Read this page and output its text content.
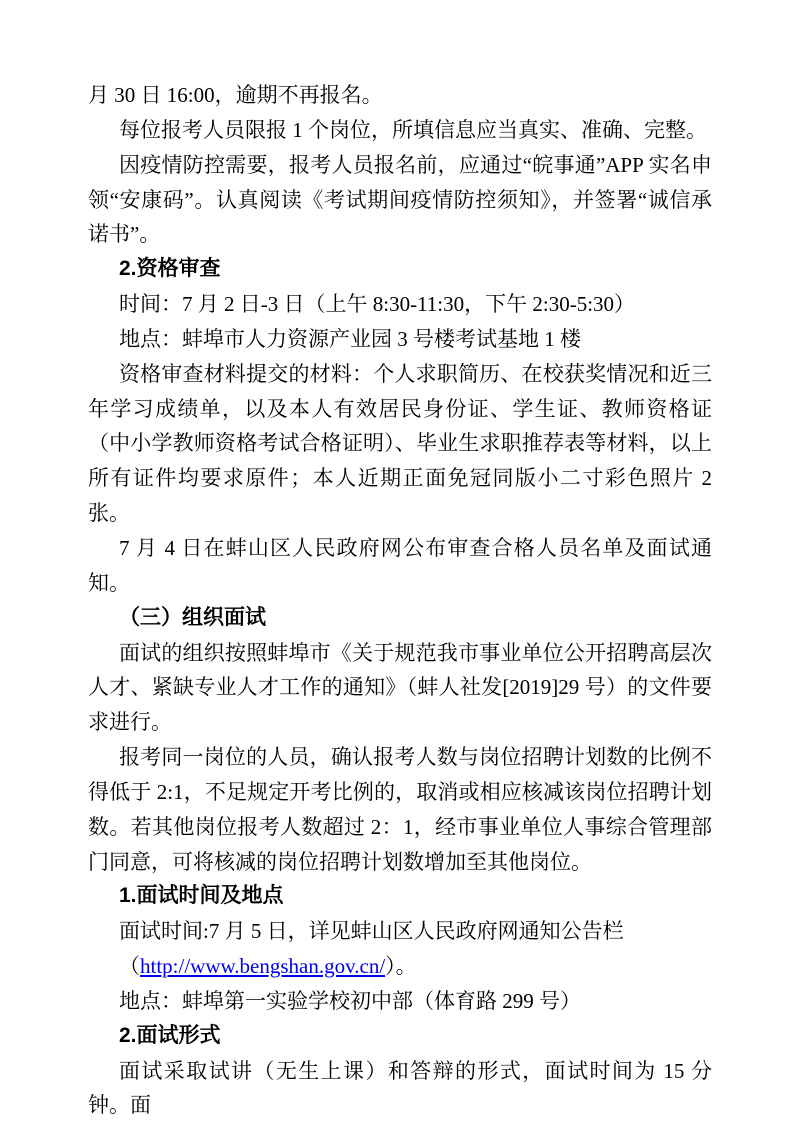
月 30 日 16:00，逾期不再报名。

每位报考人员限报 1 个岗位，所填信息应当真实、准确、完整。

因疫情防控需要，报考人员报名前，应通过“皖事通”APP 实名申领“安康码”。认真阅读《考试期间疫情防控须知》，并签署“诚信承诺书”。

2.资格审查

时间：7 月 2 日-3 日（上午 8:30-11:30，下午 2:30-5:30）

地点：蚌埠市人力资源产业园 3 号楼考试基地 1 楼

资格审查材料提交的材料：个人求职简历、在校获奖情况和近三年学习成绩单，以及本人有效居民身份证、学生证、教师资格证（中小学教师资格考试合格证明）、毕业生求职推荐表等材料，以上所有证件均要求原件；本人近期正面免冠同版小二寸彩色照片 2 张。

7 月 4 日在蚌山区人民政府网公布审查合格人员名单及面试通知。

（三）组织面试

面试的组织按照蚌埠市《关于规范我市事业单位公开招聘高层次人才、紧缺专业人才工作的通知》（蚌人社发[2019]29 号）的文件要求进行。

报考同一岗位的人员，确认报考人数与岗位招聘计划数的比例不得低于 2:1，不足规定开考比例的，取消或相应核减该岗位招聘计划数。若其他岗位报考人数超过 2：1，经市事业单位人事综合管理部门同意，可将核减的岗位招聘计划数增加至其他岗位。

1.面试时间及地点

面试时间:7 月 5 日，详见蚌山区人民政府网通知公告栏

（http://www.bengshan.gov.cn/）。

地点：蚌埠第一实验学校初中部（体育路 299 号）

2.面试形式

面试采取试讲（无生上课）和答辩的形式，面试时间为 15 分钟。面
